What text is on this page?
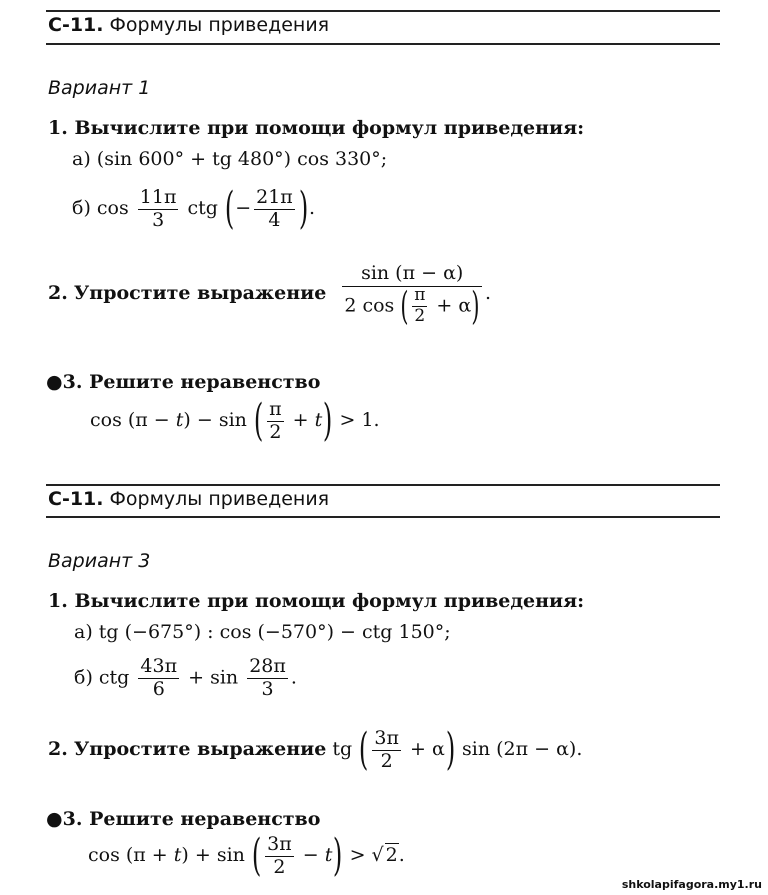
С-11. Формулы приведения
Вариант 1
1. Вычислите при помощи формул приведения:
а) (sin 600° + tg 480°) cos 330°;
б) $\cos \frac{11\pi}{3}$ ctg (− $\frac{21\pi}{4}$ ).
2. Упростите выражение $\frac{\sin (\pi - \alpha)}{2 \cos ( \frac{\pi}{2} + \alpha)}$ .
●3. Решите неравенство
cos (π − t) − sin ( $\frac{\pi}{2} + t) > 1$.
С-11. Формулы приведения
Вариант 3
1. Вычислите при помощи формул приведения:
а) tg (−675°) : cos (−570°) − ctg 150°;
б) ctg $\frac{43\pi}{6} + \sin \frac{28\pi}{3}$ .
2. Упростите выражение tg ( $\frac{3\pi}{2} + \alpha$) sin (2π − α).
●3. Решите неравенство
cos (π + t) + sin ( $\frac{3\pi}{2} - t$) > √ 2.
shkolapifagora.my1.ru
